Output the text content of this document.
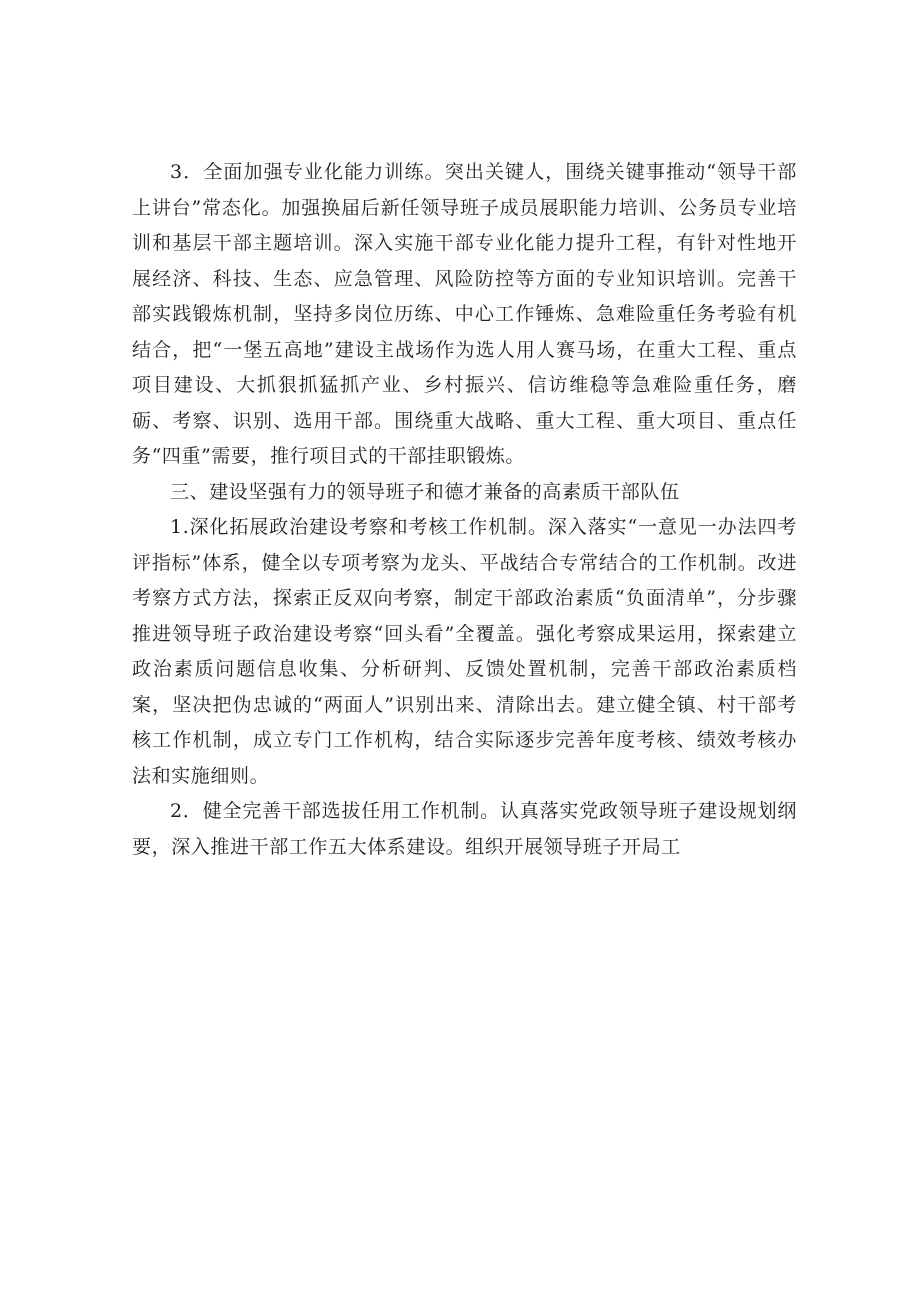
3．全面加强专业化能力训练。突出关键人，围绕关键事推动“领导干部上讲台”常态化。加强换届后新任领导班子成员展职能力培训、公务员专业培训和基层干部主题培训。深入实施干部专业化能力提升工程，有针对性地开展经济、科技、生态、应急管理、风险防控等方面的专业知识培训。完善干部实践锻炼机制，坚持多岗位历练、中心工作锤炼、急难险重任务考验有机结合，把“一堡五高地”建设主战场作为选人用人赛马场，在重大工程、重点项目建设、大抓狠抓猛抓产业、乡村振兴、信访维稳等急难险重任务，磨砺、考察、识别、选用干部。围绕重大战略、重大工程、重大项目、重点任务“四重”需要，推行项目式的干部挂职锻炼。

三、建设坚强有力的领导班子和德才兼备的高素质干部队伍

1.深化拓展政治建设考察和考核工作机制。深入落实“一意见一办法四考评指标”体系，健全以专项考察为龙头、平战结合专常结合的工作机制。改进考察方式方法，探索正反双向考察，制定干部政治素质“负面清单”，分步骤推进领导班子政治建设考察“回头看”全覆盖。强化考察成果运用，探索建立政治素质问题信息收集、分析研判、反馈处置机制，完善干部政治素质档案，坚决把伪忠诚的“两面人”识别出来、清除出去。建立健全镇、村干部考核工作机制，成立专门工作机构，结合实际逐步完善年度考核、绩效考核办法和实施细则。

2．健全完善干部选拔任用工作机制。认真落实党政领导班子建设规划纲要，深入推进干部工作五大体系建设。组织开展领导班子开局工
